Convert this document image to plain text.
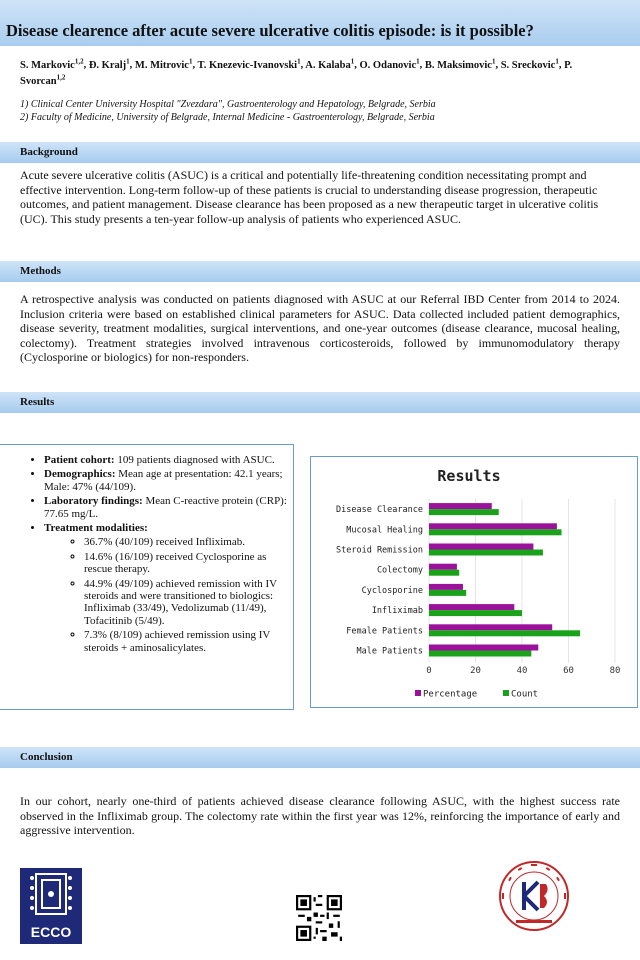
Disease clearence after acute severe ulcerative colitis episode: is it possible?
S. Markovic$^{1,2}$, Đ. Kralj$^1$, M. Mitrovic$^1$, T. Knezevic-Ivanovski$^1$, A. Kalaba$^1$, O. Odanovic$^1$, B. Maksimovic$^1$, S. Sreckovic$^1$, P. Svorcan$^{1,2}$
1) Clinical Center University Hospital "Zvezdara", Gastroenterology and Hepatology, Belgrade, Serbia
2) Faculty of Medicine, University of Belgrade, Internal Medicine - Gastroenterology, Belgrade, Serbia
Background
Acute severe ulcerative colitis (ASUC) is a critical and potentially life-threatening condition necessitating prompt and effective intervention. Long-term follow-up of these patients is crucial to understanding disease progression, therapeutic outcomes, and patient management. Disease clearance has been proposed as a new therapeutic target in ulcerative colitis (UC). This study presents a ten-year follow-up analysis of patients who experienced ASUC.
Methods
A retrospective analysis was conducted on patients diagnosed with ASUC at our Referral IBD Center from 2014 to 2024. Inclusion criteria were based on established clinical parameters for ASUC. Data collected included patient demographics, disease severity, treatment modalities, surgical interventions, and one-year outcomes (disease clearance, mucosal healing, colectomy). Treatment strategies involved intravenous corticosteroids, followed by immunomodulatory therapy (Cyclosporine or biologics) for non-responders.
Results
• Patient cohort: 109 patients diagnosed with ASUC.
• Demographics: Mean age at presentation: 42.1 years; Male: 47% (44/109).
• Laboratory findings: Mean C-reactive protein (CRP): 77.65 mg/L.
• Treatment modalities:
◦ 36.7% (40/109) received Infliximab.
◦ 14.6% (16/109) received Cyclosporine as rescue therapy.
◦ 44.9% (49/109) achieved remission with IV steroids and were transitioned to biologics: Infliximab (33/49), Vedolizumab (11/49), Tofacitinib (5/49).
◦ 7.3% (8/109) achieved remission using IV steroids + aminosalicylates.
Results
0	20	40	60	80
Disease Clearance
Mucosal Healing
Steroid Remission
Colectomy
Cyclosporine
Infliximab
Female Patients
Male Patients
Percentage	Count
Conclusion
In our cohort, nearly one-third of patients achieved disease clearance following ASUC, with the highest success rate observed in the Infliximab group. The colectomy rate within the first year was 12%, reinforcing the importance of early and aggressive intervention.
ECCO
